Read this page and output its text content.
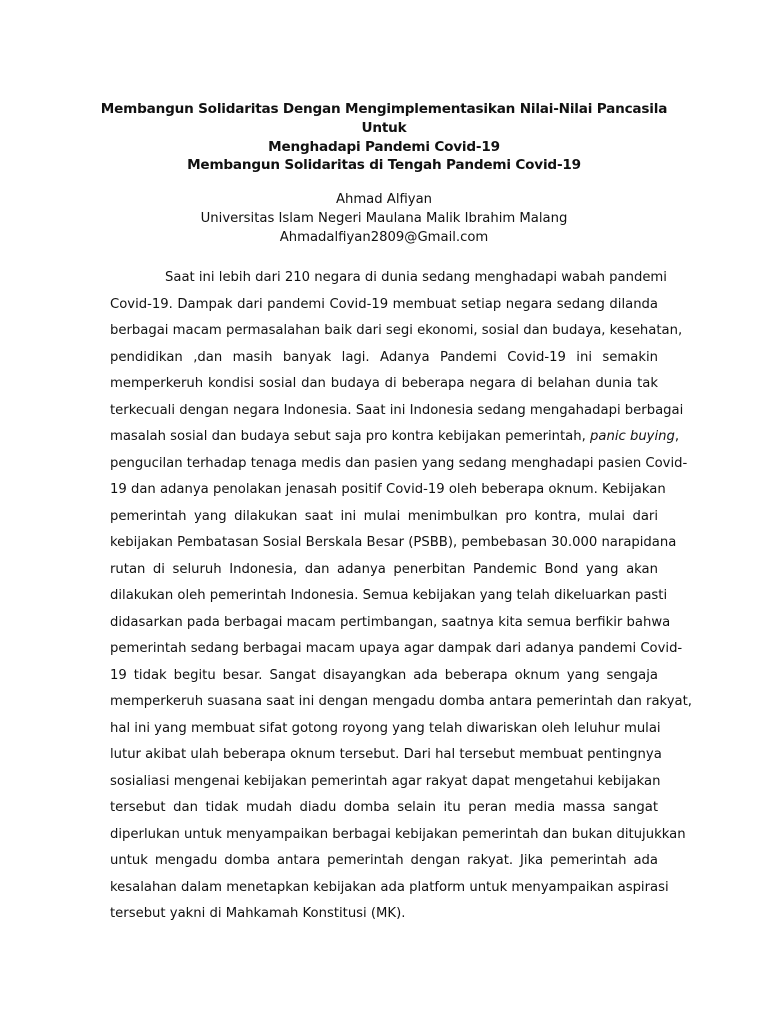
Membangun Solidaritas Dengan Mengimplementasikan Nilai-Nilai Pancasila Untuk
Menghadapi Pandemi Covid-19
Membangun Solidaritas di Tengah Pandemi Covid-19
Ahmad Alfiyan
Universitas Islam Negeri Maulana Malik Ibrahim Malang
Ahmadalfiyan2809@Gmail.com
Saat ini lebih dari 210 negara di dunia sedang menghadapi wabah pandemi
Covid-19. Dampak dari pandemi Covid-19 membuat setiap negara sedang dilanda
berbagai macam permasalahan baik dari segi ekonomi, sosial dan budaya, kesehatan,
pendidikan ,dan masih banyak lagi. Adanya Pandemi Covid-19 ini semakin
memperkeruh kondisi sosial dan budaya di beberapa negara di belahan dunia tak
terkecuali dengan negara Indonesia. Saat ini Indonesia sedang mengahadapi berbagai
masalah sosial dan budaya sebut saja pro kontra kebijakan pemerintah, panic buying,
pengucilan terhadap tenaga medis dan pasien yang sedang menghadapi pasien Covid-
19 dan adanya penolakan jenasah positif Covid-19 oleh beberapa oknum. Kebijakan
pemerintah yang dilakukan saat ini mulai menimbulkan pro kontra, mulai dari
kebijakan Pembatasan Sosial Berskala Besar (PSBB), pembebasan 30.000 narapidana
rutan di seluruh Indonesia, dan adanya penerbitan Pandemic Bond yang akan
dilakukan oleh pemerintah Indonesia. Semua kebijakan yang telah dikeluarkan pasti
didasarkan pada berbagai macam pertimbangan, saatnya kita semua berfikir bahwa
pemerintah sedang berbagai macam upaya agar dampak dari adanya pandemi Covid-
19 tidak begitu besar. Sangat disayangkan ada beberapa oknum yang sengaja
memperkeruh suasana saat ini dengan mengadu domba antara pemerintah dan rakyat,
hal ini yang membuat sifat gotong royong yang telah diwariskan oleh leluhur mulai
lutur akibat ulah beberapa oknum tersebut. Dari hal tersebut membuat pentingnya
sosialiasi mengenai kebijakan pemerintah agar rakyat dapat mengetahui kebijakan
tersebut dan tidak mudah diadu domba selain itu peran media massa sangat
diperlukan untuk menyampaikan berbagai kebijakan pemerintah dan bukan ditujukkan
untuk mengadu domba antara pemerintah dengan rakyat. Jika pemerintah ada
kesalahan dalam menetapkan kebijakan ada platform untuk menyampaikan aspirasi
tersebut yakni di Mahkamah Konstitusi (MK).
